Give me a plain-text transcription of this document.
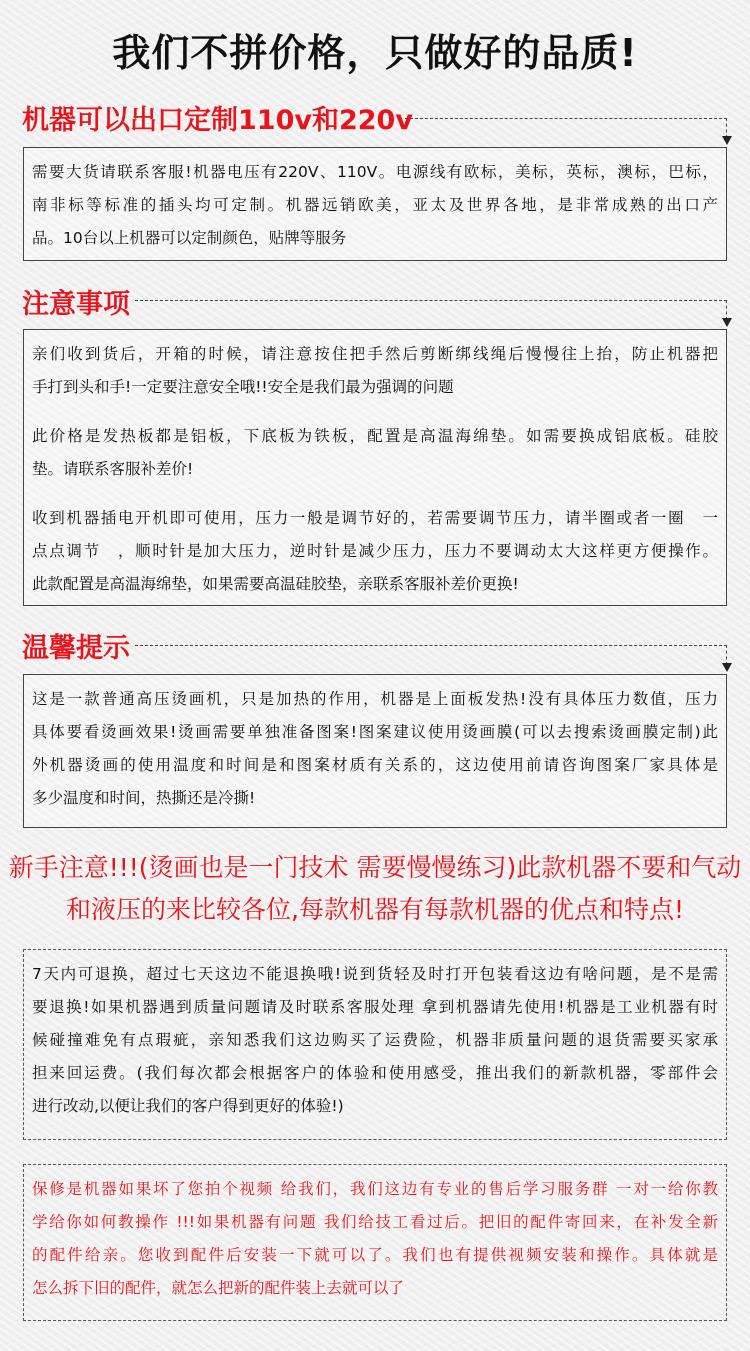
我们不拼价格，只做好的品质!
机器可以出口定制110v和220v
需要大货请联系客服!机器电压有220V、110V。电源线有欧标，美标，英标，澳标，巴标，
南非标等标准的插头均可定制。机器远销欧美，亚太及世界各地，是非常成熟的出口产
品。10台以上机器可以定制颜色，贴牌等服务
注意事项
亲们收到货后，开箱的时候，请注意按住把手然后剪断绑线绳后慢慢往上抬，防止机器把
手打到头和手!一定要注意安全哦!!安全是我们最为强调的问题
此价格是发热板都是铝板，下底板为铁板，配置是高温海绵垫。如需要换成铝底板。硅胶
垫。请联系客服补差价!
收到机器插电开机即可使用，压力一般是调节好的，若需要调节压力，请半圈或者一圈　一
点点调节　，顺时针是加大压力，逆时针是减少压力，压力不要调动太大这样更方便操作。
此款配置是高温海绵垫，如果需要高温硅胶垫，亲联系客服补差价更换!
温馨提示
这是一款普通高压烫画机，只是加热的作用，机器是上面板发热!没有具体压力数值，压力
具体要看烫画效果!烫画需要单独准备图案!图案建议使用烫画膜(可以去搜索烫画膜定制)此
外机器烫画的使用温度和时间是和图案材质有关系的，这边使用前请咨询图案厂家具体是
多少温度和时间，热撕还是冷撕!
新手注意!!!(烫画也是一门技术 需要慢慢练习)此款机器不要和气动
和液压的来比较各位,每款机器有每款机器的优点和特点!
7天内可退换，超过七天这边不能退换哦!说到货轻及时打开包装看这边有啥问题，是不是需
要退换!如果机器遇到质量问题请及时联系客服处理 拿到机器请先使用!机器是工业机器有时
候碰撞难免有点瑕疵，亲知悉我们这边购买了运费险，机器非质量问题的退货需要买家承
担来回运费。(我们每次都会根据客户的体验和使用感受，推出我们的新款机器，零部件会
进行改动,以便让我们的客户得到更好的体验!)
保修是机器如果坏了您拍个视频 给我们，我们这边有专业的售后学习服务群 一对一给你教
学给你如何教操作 !!!如果机器有问题 我们给技工看过后。把旧的配件寄回来，在补发全新
的配件给亲。您收到配件后安装一下就可以了。我们也有提供视频安装和操作。具体就是
怎么拆下旧的配件，就怎么把新的配件装上去就可以了
